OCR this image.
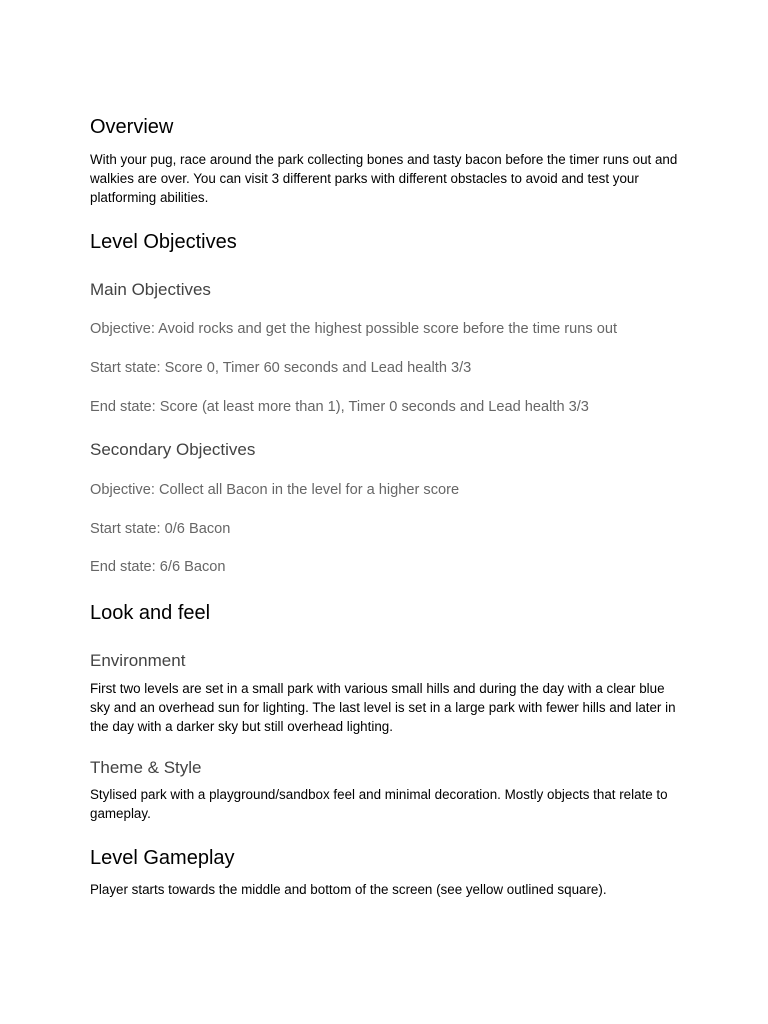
Overview

With your pug, race around the park collecting bones and tasty bacon before the timer runs out and walkies are over. You can visit 3 different parks with different obstacles to avoid and test your platforming abilities.

Level Objectives
Main Objectives

Objective: Avoid rocks and get the highest possible score before the time runs out

Start state: Score 0, Timer 60 seconds and Lead health 3/3

End state: Score (at least more than 1), Timer 0 seconds and Lead health 3/3

Secondary Objectives

Objective: Collect all Bacon in the level for a higher score

Start state: 0/6 Bacon

End state: 6/6 Bacon

Look and feel
Environment

First two levels are set in a small park with various small hills and during the day with a clear blue sky and an overhead sun for lighting. The last level is set in a large park with fewer hills and later in the day with a darker sky but still overhead lighting.

Theme & Style

Stylised park with a playground/sandbox feel and minimal decoration. Mostly objects that relate to gameplay.

Level Gameplay

Player starts towards the middle and bottom of the screen (see yellow outlined square).
